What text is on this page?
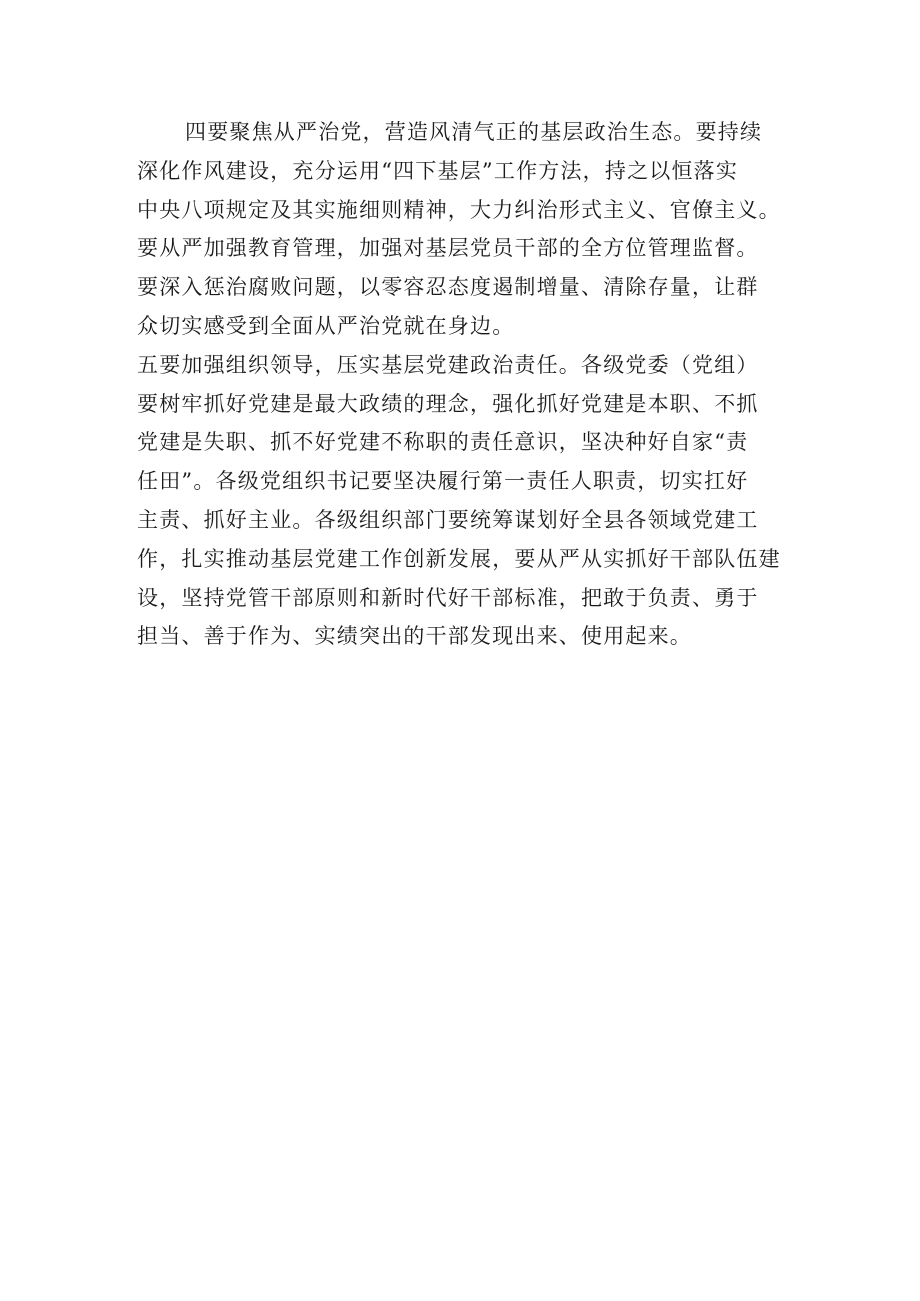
四要聚焦从严治党，营造风清气正的基层政治生态。要持续
深化作风建设，充分运用“四下基层”工作方法，持之以恒落实
中央八项规定及其实施细则精神，大力纠治形式主义、官僚主义。
要从严加强教育管理，加强对基层党员干部的全方位管理监督。
要深入惩治腐败问题，以零容忍态度遏制增量、清除存量，让群
众切实感受到全面从严治党就在身边。
五要加强组织领导，压实基层党建政治责任。各级党委（党组）
要树牢抓好党建是最大政绩的理念，强化抓好党建是本职、不抓
党建是失职、抓不好党建不称职的责任意识，坚决种好自家“责
任田”。各级党组织书记要坚决履行第一责任人职责，切实扛好
主责、抓好主业。各级组织部门要统筹谋划好全县各领域党建工
作，扎实推动基层党建工作创新发展，要从严从实抓好干部队伍建
设，坚持党管干部原则和新时代好干部标准，把敢于负责、勇于
担当、善于作为、实绩突出的干部发现出来、使用起来。
